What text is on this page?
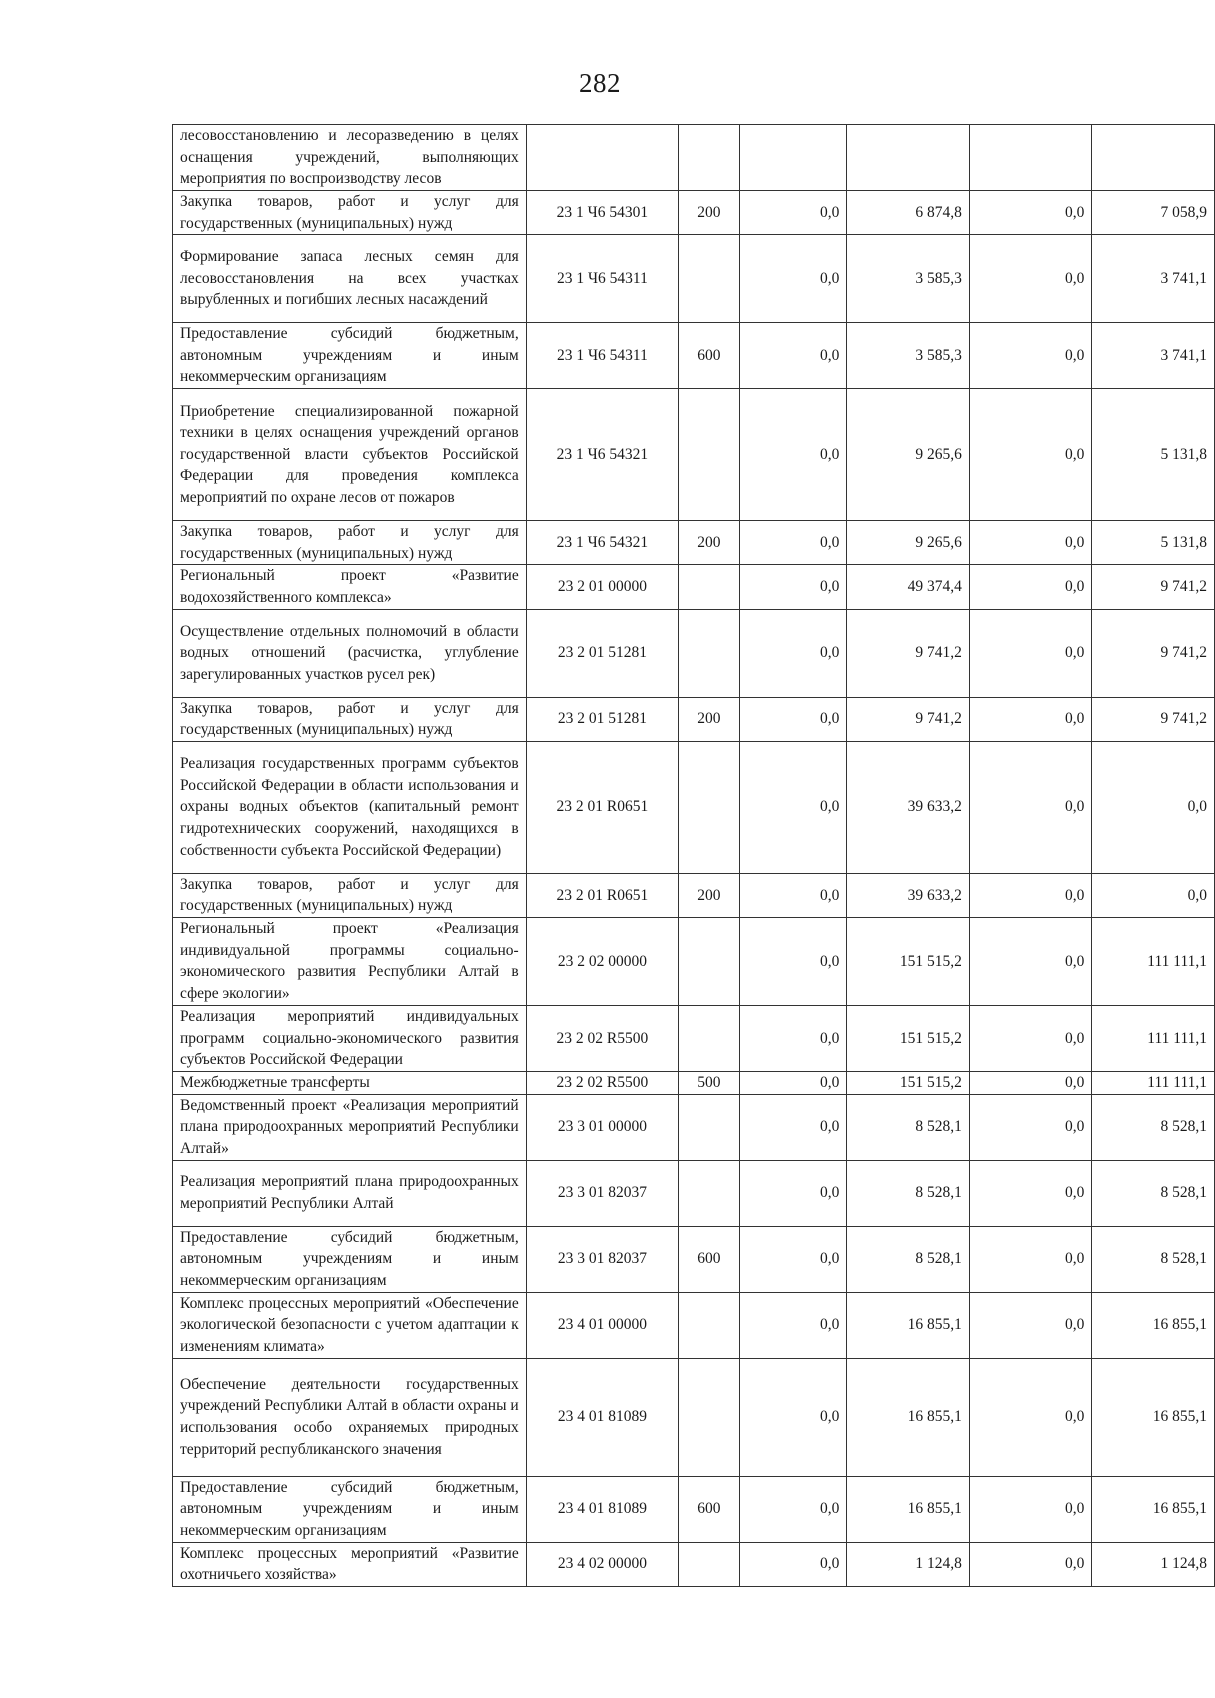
282
лесовосстановлению и лесоразведению в целях оснащения учреждений, выполняющих мероприятия по воспроизводству лесов						
Закупка товаров, работ и услуг для государственных (муниципальных) нужд	23 1 Ч6 54301	200	0,0	6 874,8	0,0	7 058,9
Формирование запаса лесных семян для лесовосстановления на всех участках вырубленных и погибших лесных насаждений	23 1 Ч6 54311		0,0	3 585,3	0,0	3 741,1
Предоставление субсидий бюджетным, автономным учреждениям и иным некоммерческим организациям	23 1 Ч6 54311	600	0,0	3 585,3	0,0	3 741,1
Приобретение специализированной пожарной техники в целях оснащения учреждений органов государственной власти субъектов Российской Федерации для проведения комплекса мероприятий по охране лесов от пожаров	23 1 Ч6 54321		0,0	9 265,6	0,0	5 131,8
Закупка товаров, работ и услуг для государственных (муниципальных) нужд	23 1 Ч6 54321	200	0,0	9 265,6	0,0	5 131,8
Региональный проект «Развитие водохозяйственного комплекса»	23 2 01 00000		0,0	49 374,4	0,0	9 741,2
Осуществление отдельных полномочий в области водных отношений (расчистка, углубление зарегулированных участков русел рек)	23 2 01 51281		0,0	9 741,2	0,0	9 741,2
Закупка товаров, работ и услуг для государственных (муниципальных) нужд	23 2 01 51281	200	0,0	9 741,2	0,0	9 741,2
Реализация государственных программ субъектов Российской Федерации в области использования и охраны водных объектов (капитальный ремонт гидротехнических сооружений, находящихся в собственности субъекта Российской Федерации)	23 2 01 R0651		0,0	39 633,2	0,0	0,0
Закупка товаров, работ и услуг для государственных (муниципальных) нужд	23 2 01 R0651	200	0,0	39 633,2	0,0	0,0
Региональный проект «Реализация индивидуальной программы социально-экономического развития Республики Алтай в сфере экологии»	23 2 02 00000		0,0	151 515,2	0,0	111 111,1
Реализация мероприятий индивидуальных программ социально-экономического развития субъектов Российской Федерации	23 2 02 R5500		0,0	151 515,2	0,0	111 111,1
Межбюджетные трансферты	23 2 02 R5500	500	0,0	151 515,2	0,0	111 111,1
Ведомственный проект «Реализация мероприятий плана природоохранных мероприятий Республики Алтай»	23 3 01 00000		0,0	8 528,1	0,0	8 528,1
Реализация мероприятий плана природоохранных мероприятий Республики Алтай	23 3 01 82037		0,0	8 528,1	0,0	8 528,1
Предоставление субсидий бюджетным, автономным учреждениям и иным некоммерческим организациям	23 3 01 82037	600	0,0	8 528,1	0,0	8 528,1
Комплекс процессных мероприятий «Обеспечение экологической безопасности с учетом адаптации к изменениям климата»	23 4 01 00000		0,0	16 855,1	0,0	16 855,1
Обеспечение деятельности государственных учреждений Республики Алтай в области охраны и использования особо охраняемых природных территорий республиканского значения	23 4 01 81089		0,0	16 855,1	0,0	16 855,1
Предоставление субсидий бюджетным, автономным учреждениям и иным некоммерческим организациям	23 4 01 81089	600	0,0	16 855,1	0,0	16 855,1
Комплекс процессных мероприятий «Развитие охотничьего хозяйства»	23 4 02 00000		0,0	1 124,8	0,0	1 124,8
